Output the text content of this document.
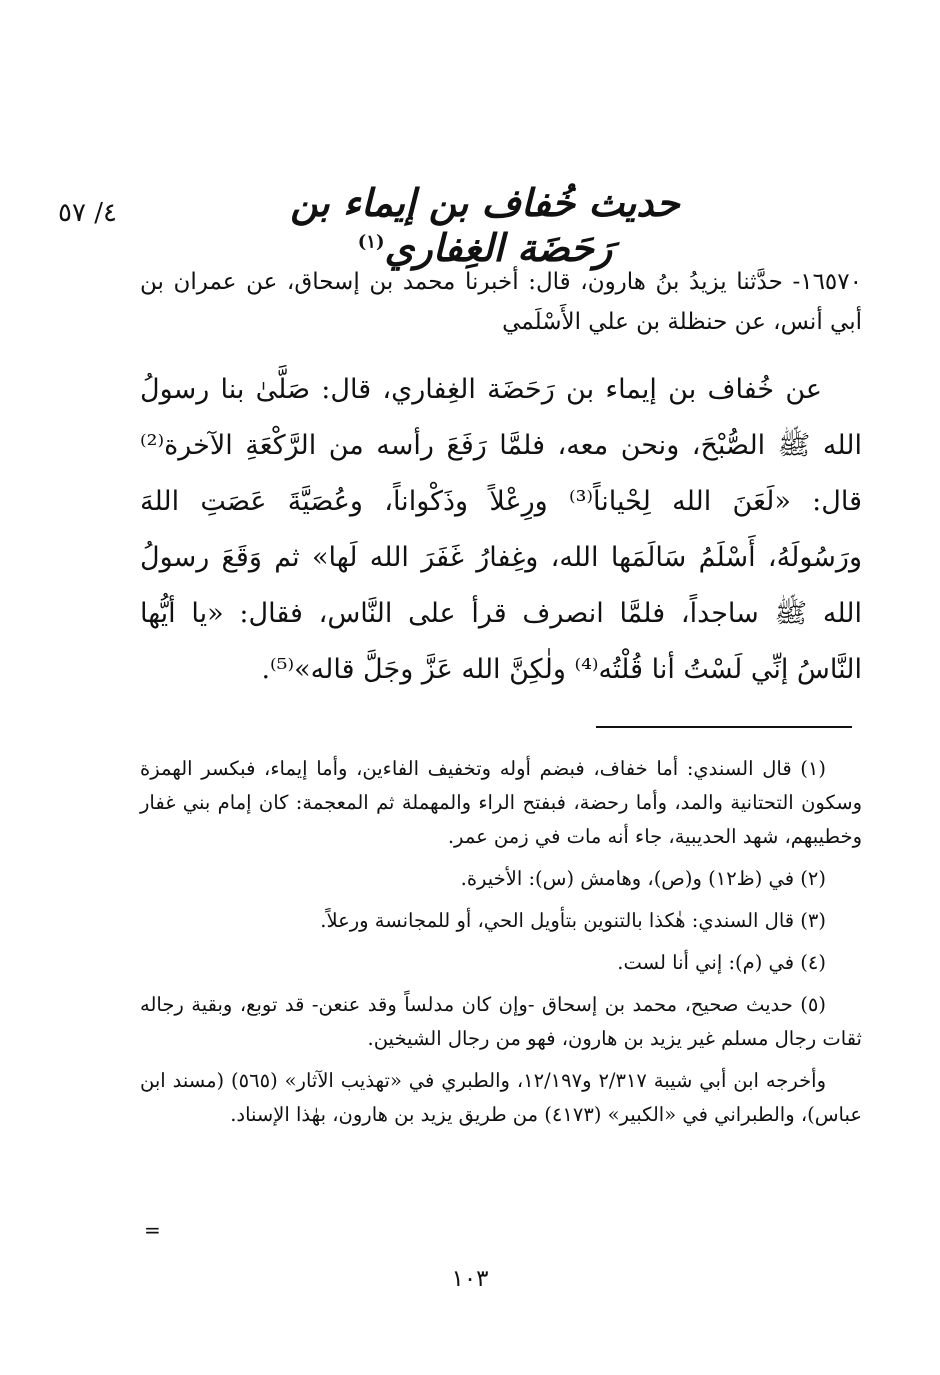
٤/ ٥٧	حديث خُفاف بن إيماء بن رَحَضَة الغِفاري$^{(١)}$
١٦٥٧٠- حدَّثنا يزيدُ بنُ هارون، قال: أخبرنا محمد بن إسحاق، عن عمران بن أبي أنس، عن حنظلة بن علي الأَسْلَمي
عن خُفاف بن إيماء بن رَحَضَة الغِفاري، قال: صَلَّىٰ بنا رسولُ الله ﷺ الصُّبْحَ، ونحن معه، فلمَّا رَفَعَ رأسه من الرَّكْعَةِ الآخرة⁽²⁾ قال: «لَعَنَ الله لِحْياناً⁽³⁾ ورِعْلاً وذَكْواناً، وعُصَيَّةَ عَصَتِ اللهَ ورَسُولَهُ، أَسْلَمُ سَالَمَها الله، وغِفارُ غَفَرَ الله لَها» ثم وَقَعَ رسولُ الله ﷺ ساجداً، فلمَّا انصرف قرأ على النَّاس، فقال: «يا أيُّها النَّاسُ إنِّي لَسْتُ أنا قُلْتُه⁽⁴⁾ ولٰكِنَّ الله عَزَّ وجَلَّ قاله»⁽⁵⁾.

(١) قال السندي: أما خفاف، فبضم أوله وتخفيف الفاءين، وأما إيماء، فبكسر الهمزة وسكون التحتانية والمد، وأما رحضة، فبفتح الراء والمهملة ثم المعجمة: كان إمام بني غفار وخطيبهم، شهد الحديبية، جاء أنه مات في زمن عمر.

(٢) في (ظ١٢) و(ص)، وهامش (س): الأخيرة.

(٣) قال السندي: هٰكذا بالتنوين بتأويل الحي، أو للمجانسة ورعلاً.

(٤) في (م): إني أنا لست.

(٥) حديث صحيح، محمد بن إسحاق -وإن كان مدلساً وقد عنعن- قد توبع، وبقية رجاله ثقات رجال مسلم غير يزيد بن هارون، فهو من رجال الشيخين.

وأخرجه ابن أبي شيبة ٢/٣١٧ و١٢/١٩٧، والطبري في «تهذيب الآثار» (٥٦٥) (مسند ابن عباس)، والطبراني في «الكبير» (٤١٧٣) من طريق يزيد بن هارون، بهٰذا الإسناد.

=
١٠٣
